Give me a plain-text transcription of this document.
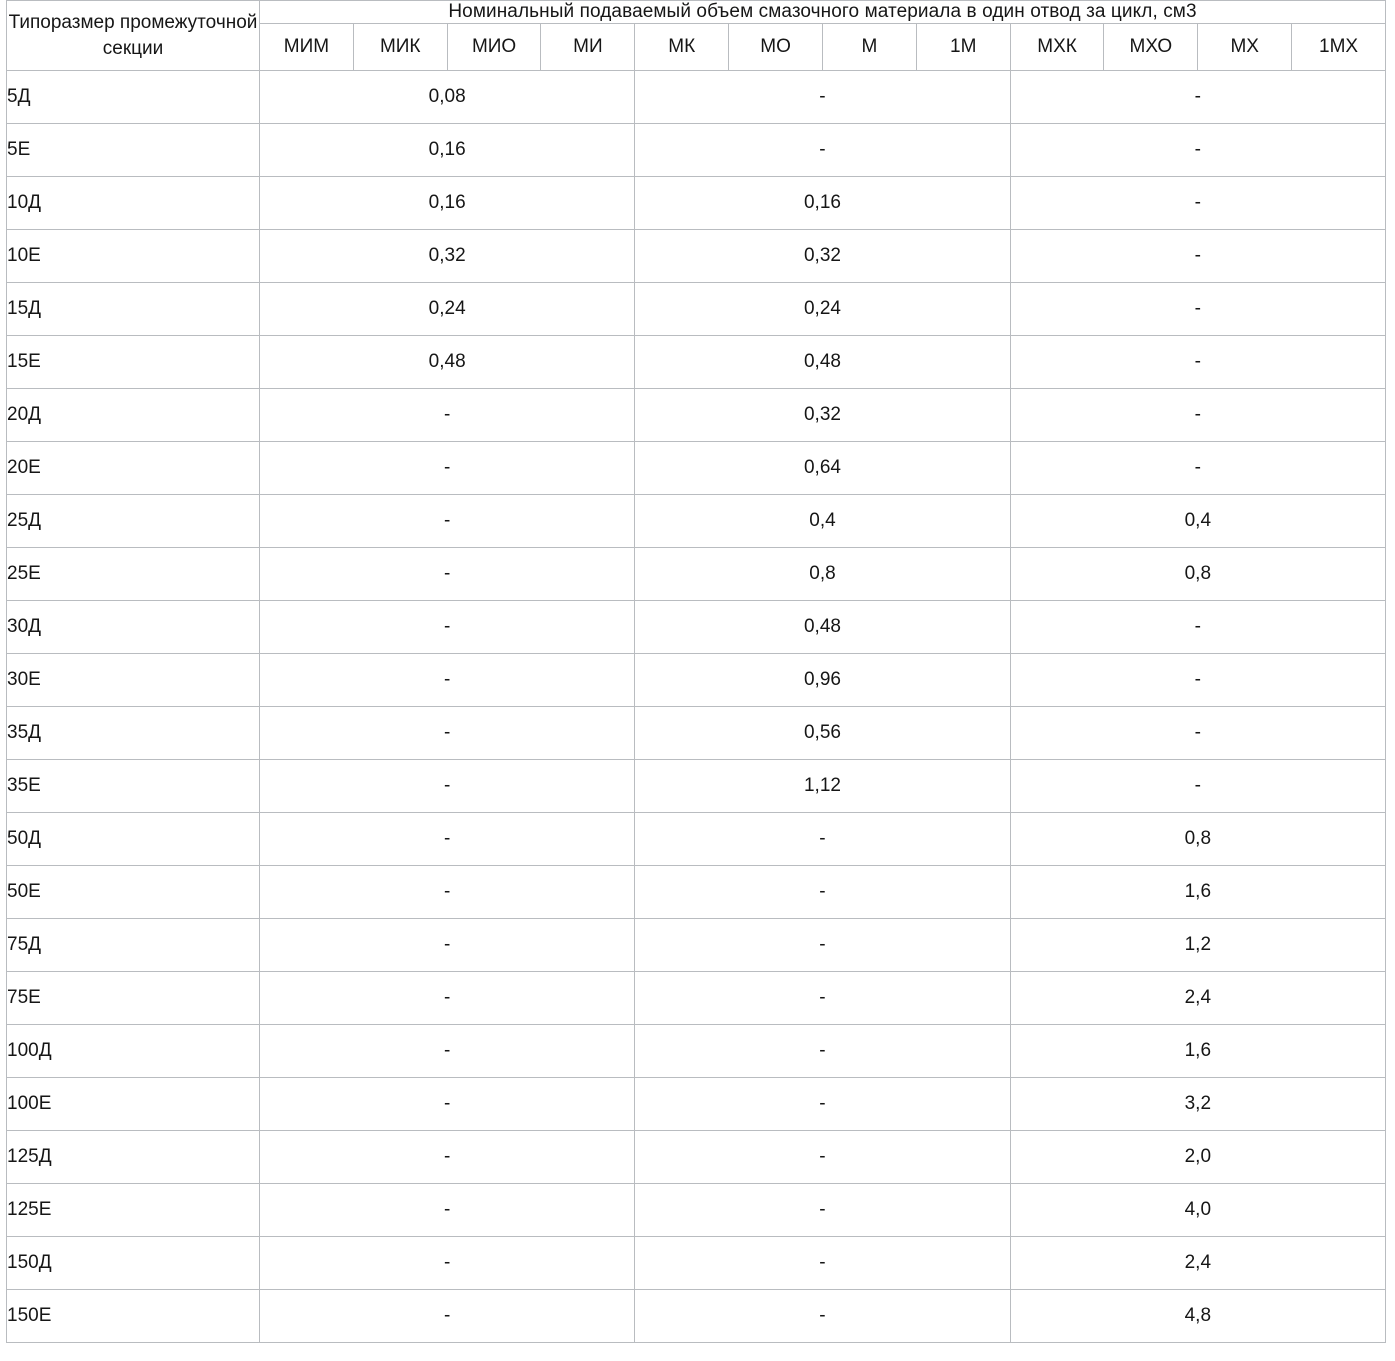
Типоразмер промежуточной секции	Номинальный подаваемый объем смазочного материала в один отвод за цикл, см3											
	МИМ	МИК	МИО	МИ	МК	МО	М	1М	МХК	МХО	МХ	1МХ
5Д	0,08				-				-			
5Е	0,16				-				-			
10Д	0,16				0,16				-			
10Е	0,32				0,32				-			
15Д	0,24				0,24				-			
15Е	0,48				0,48				-			
20Д	-				0,32				-			
20Е	-				0,64				-			
25Д	-				0,4				0,4			
25Е	-				0,8				0,8			
30Д	-				0,48				-			
30Е	-				0,96				-			
35Д	-				0,56				-			
35Е	-				1,12				-			
50Д	-				-				0,8			
50Е	-				-				1,6			
75Д	-				-				1,2			
75Е	-				-				2,4			
100Д	-				-				1,6			
100Е	-				-				3,2			
125Д	-				-				2,0			
125Е	-				-				4,0			
150Д	-				-				2,4			
150Е	-				-				4,8			
